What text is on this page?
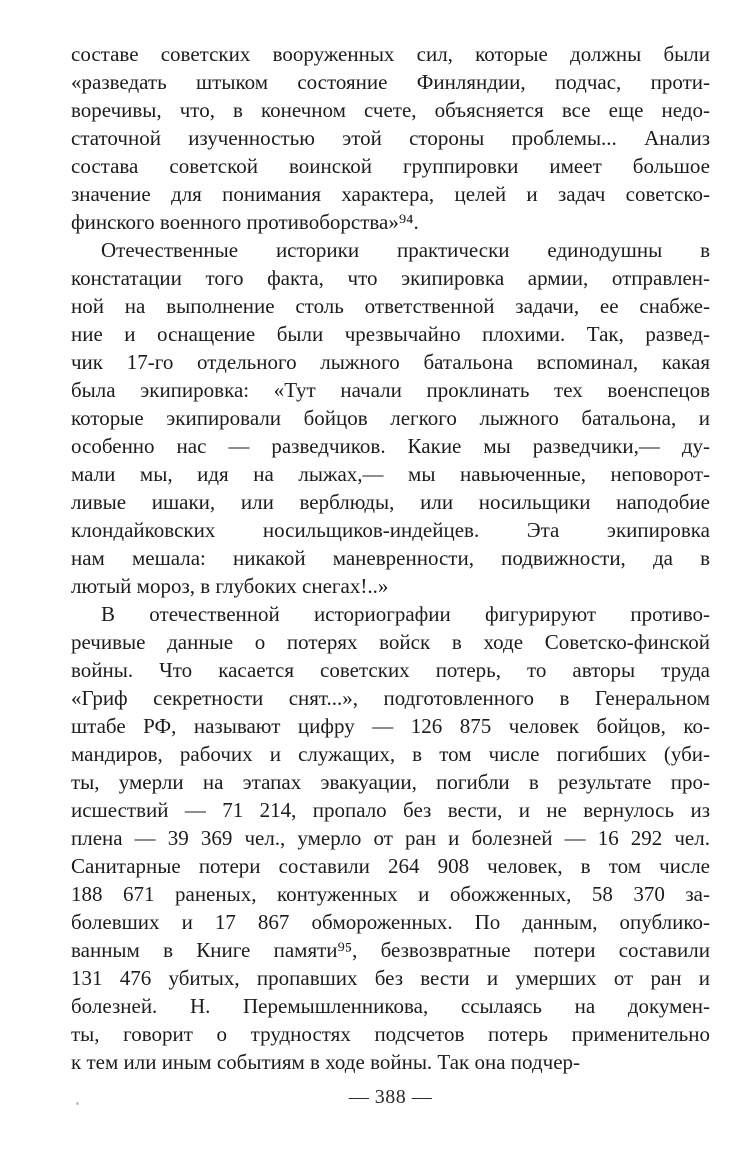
составе советских вооруженных сил, которые должны были
«разведать штыком состояние Финляндии, подчас, проти-
воречивы, что, в конечном счете, объясняется все еще недо-
статочной изученностью этой стороны проблемы... Анализ
состава советской воинской группировки имеет большое
значение для понимания характера, целей и задач советско-
финского военного противоборства»⁹⁴.
Отечественные историки практически единодушны в
констатации того факта, что экипировка армии, отправлен-
ной на выполнение столь ответственной задачи, ее снабже-
ние и оснащение были чрезвычайно плохими. Так, развед-
чик 17-го отдельного лыжного батальона вспоминал, какая
была экипировка: «Тут начали проклинать тех военспецов
которые экипировали бойцов легкого лыжного батальона, и
особенно нас — разведчиков. Какие мы разведчики,— ду-
мали мы, идя на лыжах,— мы навьюченные, неповорот-
ливые ишаки, или верблюды, или носильщики наподобие
клондайковских носильщиков-индейцев. Эта экипировка
нам мешала: никакой маневренности, подвижности, да в
лютый мороз, в глубоких снегах!..»
В отечественной историографии фигурируют противо-
речивые данные о потерях войск в ходе Советско-финской
войны. Что касается советских потерь, то авторы труда
«Гриф секретности снят...», подготовленного в Генеральном
штабе РФ, называют цифру — 126 875 человек бойцов, ко-
мандиров, рабочих и служащих, в том числе погибших (уби-
ты, умерли на этапах эвакуации, погибли в результате про-
исшествий — 71 214, пропало без вести, и не вернулось из
плена — 39 369 чел., умерло от ран и болезней — 16 292 чел.
Санитарные потери составили 264 908 человек, в том числе
188 671 раненых, контуженных и обожженных, 58 370 за-
болевших и 17 867 обмороженных. По данным, опублико-
ванным в Книге памяти⁹⁵, безвозвратные потери составили
131 476 убитых, пропавших без вести и умерших от ран и
болезней. Н. Перемышленникова, ссылаясь на докумен-
ты, говорит о трудностях подсчетов потерь применительно
к тем или иным событиям в ходе войны. Так она подчер-
— 388 —
